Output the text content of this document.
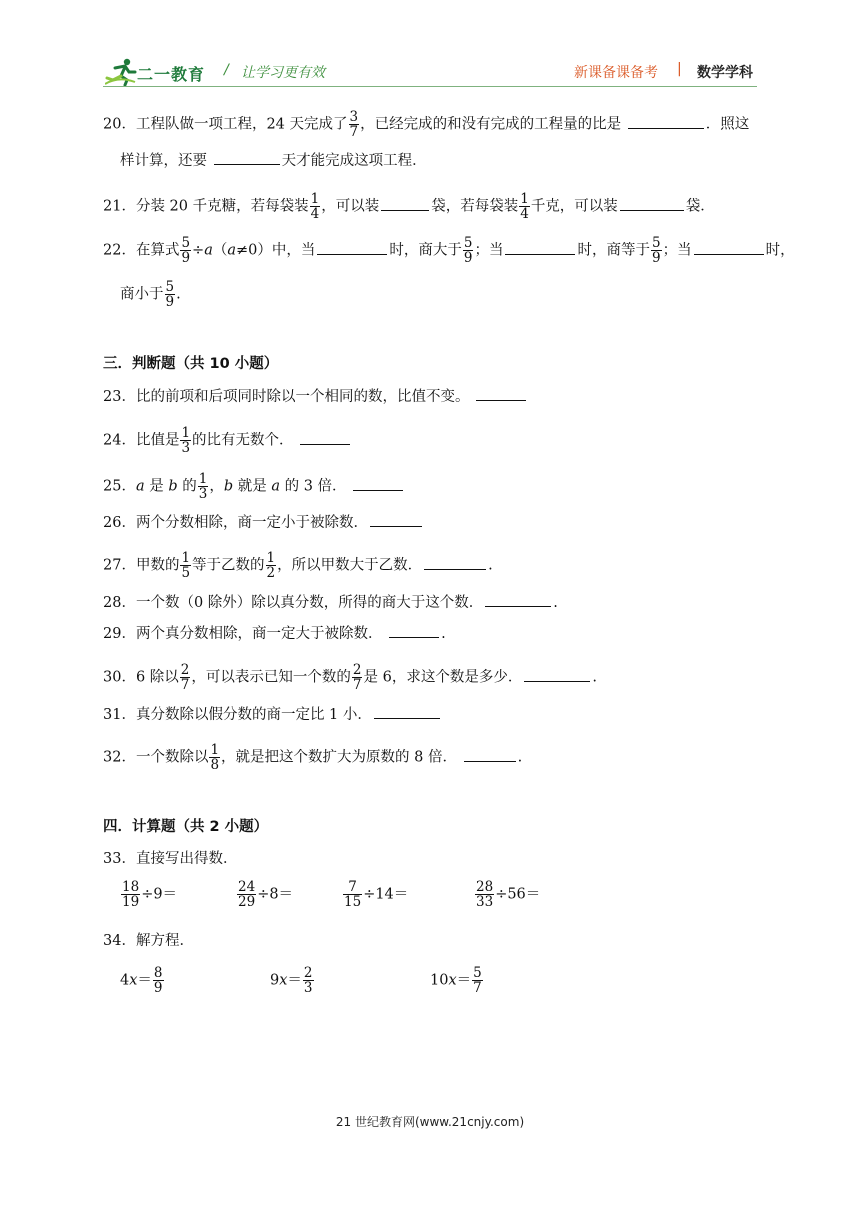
二一教育 / 让学习更有效	新课备课备考 | 数学学科
20．工程队做一项工程，24 天完成了 $\frac{3}{7}$ ，已经完成的和没有完成的工程量的比是	．照这
样计算，还要	天才能完成这项工程．
21．分装 20 千克糖，若每袋装 $\frac{1}{4}$ ，可以装	袋，若每袋装 $\frac{1}{4}$ 千克，可以装	袋．
22．在算式 $\frac{5}{9} \div a(a\ne 0)$中，当	时，商大于 $\frac{5}{9}$ ；当	时，商等于 $\frac{5}{9}$ ；当	时，
商小于 $\frac{5}{9}$ .
三．判断题（共 10 小题）
23．比的前项和后项同时除以一个相同的数，比值不变。
24．比值是 $\frac{1}{3}$ 的比有无数个．
25．a 是 b 的 $\frac{1}{3}$ ，b 就是 a 的 3 倍．
26．两个分数相除，商一定小于被除数．
27．甲数的 $\frac{1}{5}$ 等于乙数的 $\frac{1}{2}$ ，所以甲数大于乙数．	.
28．一个数（0 除外）除以真分数，所得的商大于这个数．	.
29．两个真分数相除，商一定大于被除数．	.
30．6 除以 $\frac{2}{7}$ ，可以表示已知一个数的 $\frac{2}{7}$ 是 6，求这个数是多少．	.
31．真分数除以假分数的商一定比 1 小．
32．一个数除以 $\frac{1}{8}$ ，就是把这个数扩大为原数的 8 倍．	.
四．计算题（共 2 小题）
33．直接写出得数．
$\frac{18}{19} \div 9=$	$\frac{24}{29} \div 8=$	$\frac{7}{15} \div 14=$	$\frac{28}{33} \div 56=$
34．解方程．
$4x= \frac{8}{9}$	$9x= \frac{2}{3}$	$10x= \frac{5}{7}$
21 世纪教育网(www.21cnjy.com)
